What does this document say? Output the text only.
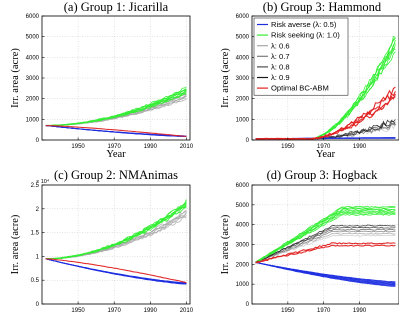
1950	1970	1990	2010
0
1000
2000
3000
4000
5000
6000
(a) Group 1: Jicarilla
Irr. area (acre)
Year
1950	1970	1990
0
1000
2000
3000
4000
5000
6000
(b) Group 3: Hammond
Irr. area (acre)
Year
Risk averse (λ: 0.5)
Risk seeking (λ: 1.0)
λ: 0.6
λ: 0.7
λ: 0.8
λ: 0.9
Optimal BC-ABM
1950	1970	1990	2010
0
0.5
1
1.5
2
2.5
× 10⁴ (c) Group 2: NMAnimas
Irr. area (acre)
1950	1970	1990
0
1000
2000
3000
4000
5000
6000
(d) Group 3: Hogback
Irr. area (acre)
